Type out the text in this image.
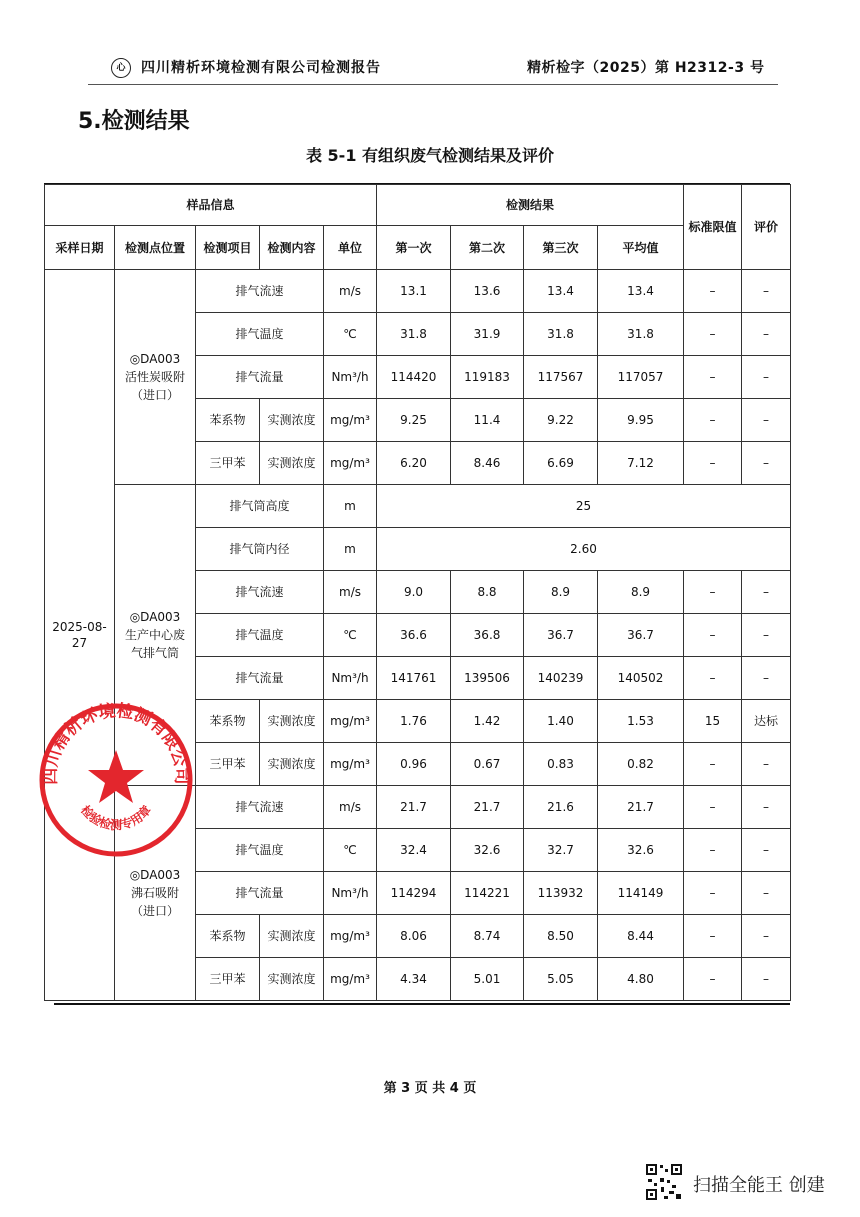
心	四川精析环境检测有限公司检测报告	精析检字（2025）第 H2312-3 号
5.检测结果
表 5-1 有组织废气检测结果及评价
样品信息					检测结果				标准限值	评价
采样日期	检测点位置	检测项目	检测内容	单位	第一次	第二次	第三次	平均值		
2025-08-27	◎DA003
活性炭吸附
（进口）	排气流速		m/s	13.1	13.6	13.4	13.4	–	–
		排气温度		℃	31.8	31.9	31.8	31.8	–	–
		排气流量		Nm³/h	114420	119183	117567	117057	–	–
		苯系物	实测浓度	mg/m³	9.25	11.4	9.22	9.95	–	–
		三甲苯	实测浓度	mg/m³	6.20	8.46	6.69	7.12	–	–

	◎DA003
生产中心废
气排气筒	排气筒高度		m	25					
		排气筒内径		m	2.60					
		排气流速		m/s	9.0	8.8	8.9	8.9	–	–
		排气温度		℃	36.6	36.8	36.7	36.7	–	–
		排气流量		Nm³/h	141761	139506	140239	140502	–	–
		苯系物	实测浓度	mg/m³	1.76	1.42	1.40	1.53	15	达标
		三甲苯	实测浓度	mg/m³	0.96	0.67	0.83	0.82	–	–

	◎DA003
沸石吸附
（进口）	排气流速		m/s	21.7	21.7	21.6	21.7	–	–
		排气温度		℃	32.4	32.6	32.7	32.6	–	–
		排气流量		Nm³/h	114294	114221	113932	114149	–	–
		苯系物	实测浓度	mg/m³	8.06	8.74	8.50	8.44	–	–
		三甲苯	实测浓度	mg/m³	4.34	5.01	5.05	4.80	–	–
四川精析环境检测有限公司
检验检测专用章
第 3 页 共 4 页
扫描全能王 创建
